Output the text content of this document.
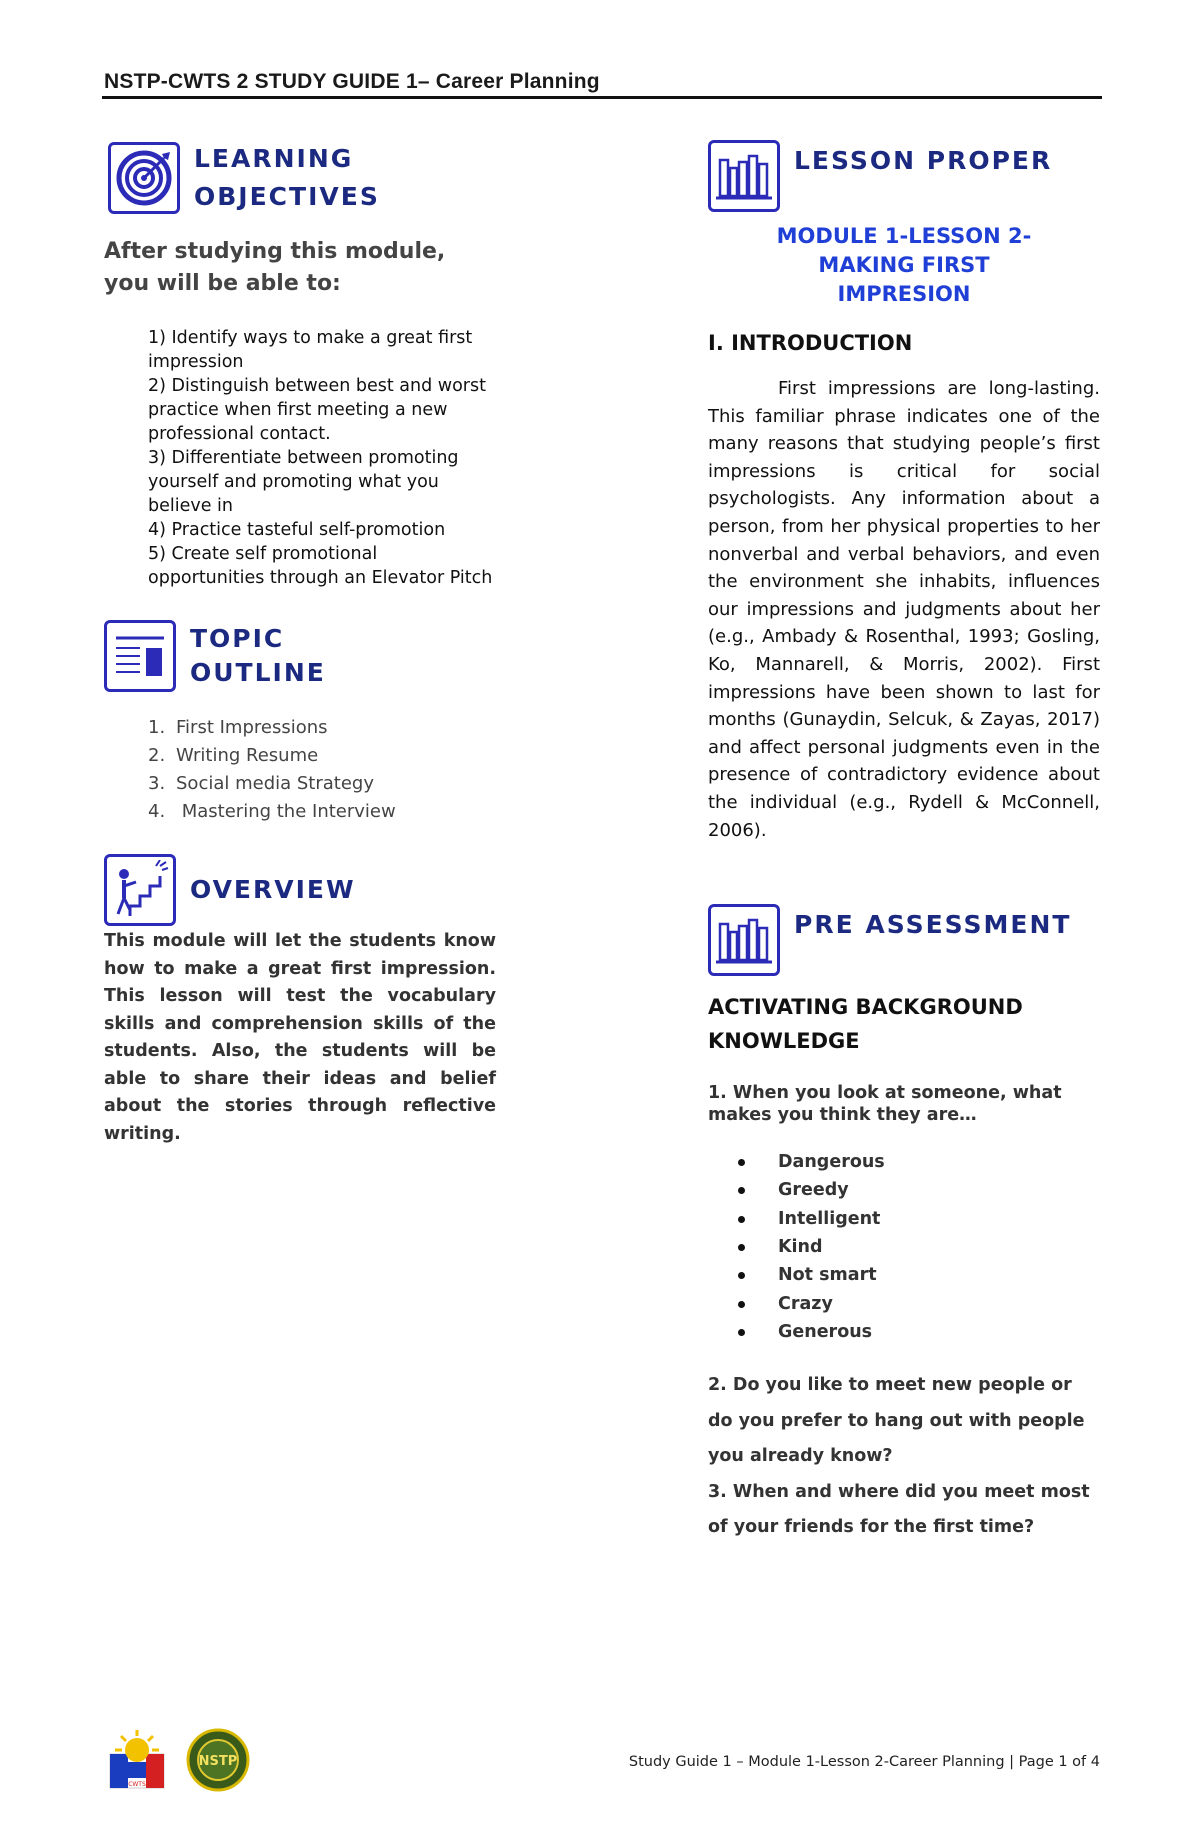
NSTP-CWTS 2 STUDY GUIDE 1– Career Planning
LEARNING
OBJECTIVES
After studying this module, you will be able to:
1) Identify ways to make a great first impression
2) Distinguish between best and worst practice when first meeting a new professional contact.
3) Differentiate between promoting yourself and promoting what you believe in
4) Practice tasteful self-promotion
5) Create self promotional opportunities through an Elevator Pitch
TOPIC
OUTLINE
1. First Impressions
2. Writing Resume
3. Social media Strategy
4. Mastering the Interview
OVERVIEW
This module will let the students know how to make a great first impression. This lesson will test the vocabulary skills and comprehension skills of the students. Also, the students will be able to share their ideas and belief about the stories through reflective writing.
LESSON PROPER
MODULE 1-LESSON 2-
MAKING FIRST
IMPRESION
I. INTRODUCTION
First impressions are long-lasting. This familiar phrase indicates one of the many reasons that studying people’s first impressions is critical for social psychologists. Any information about a person, from her physical properties to her nonverbal and verbal behaviors, and even the environment she inhabits, influences our impressions and judgments about her (e.g., Ambady & Rosenthal, 1993; Gosling, Ko, Mannarell, & Morris, 2002). First impressions have been shown to last for months (Gunaydin, Selcuk, & Zayas, 2017) and affect personal judgments even in the presence of contradictory evidence about the individual (e.g., Rydell & McConnell, 2006).
PRE ASSESSMENT
ACTIVATING BACKGROUND KNOWLEDGE
1. When you look at someone, what makes you think they are…
Dangerous
Greedy
Intelligent
Kind
Not smart
Crazy
Generous
2. Do you like to meet new people or do you prefer to hang out with people you already know?
3. When and where did you meet most of your friends for the first time?
CWTS
NSTP	Study Guide 1 – Module 1-Lesson 2-Career Planning | Page 1 of 4
